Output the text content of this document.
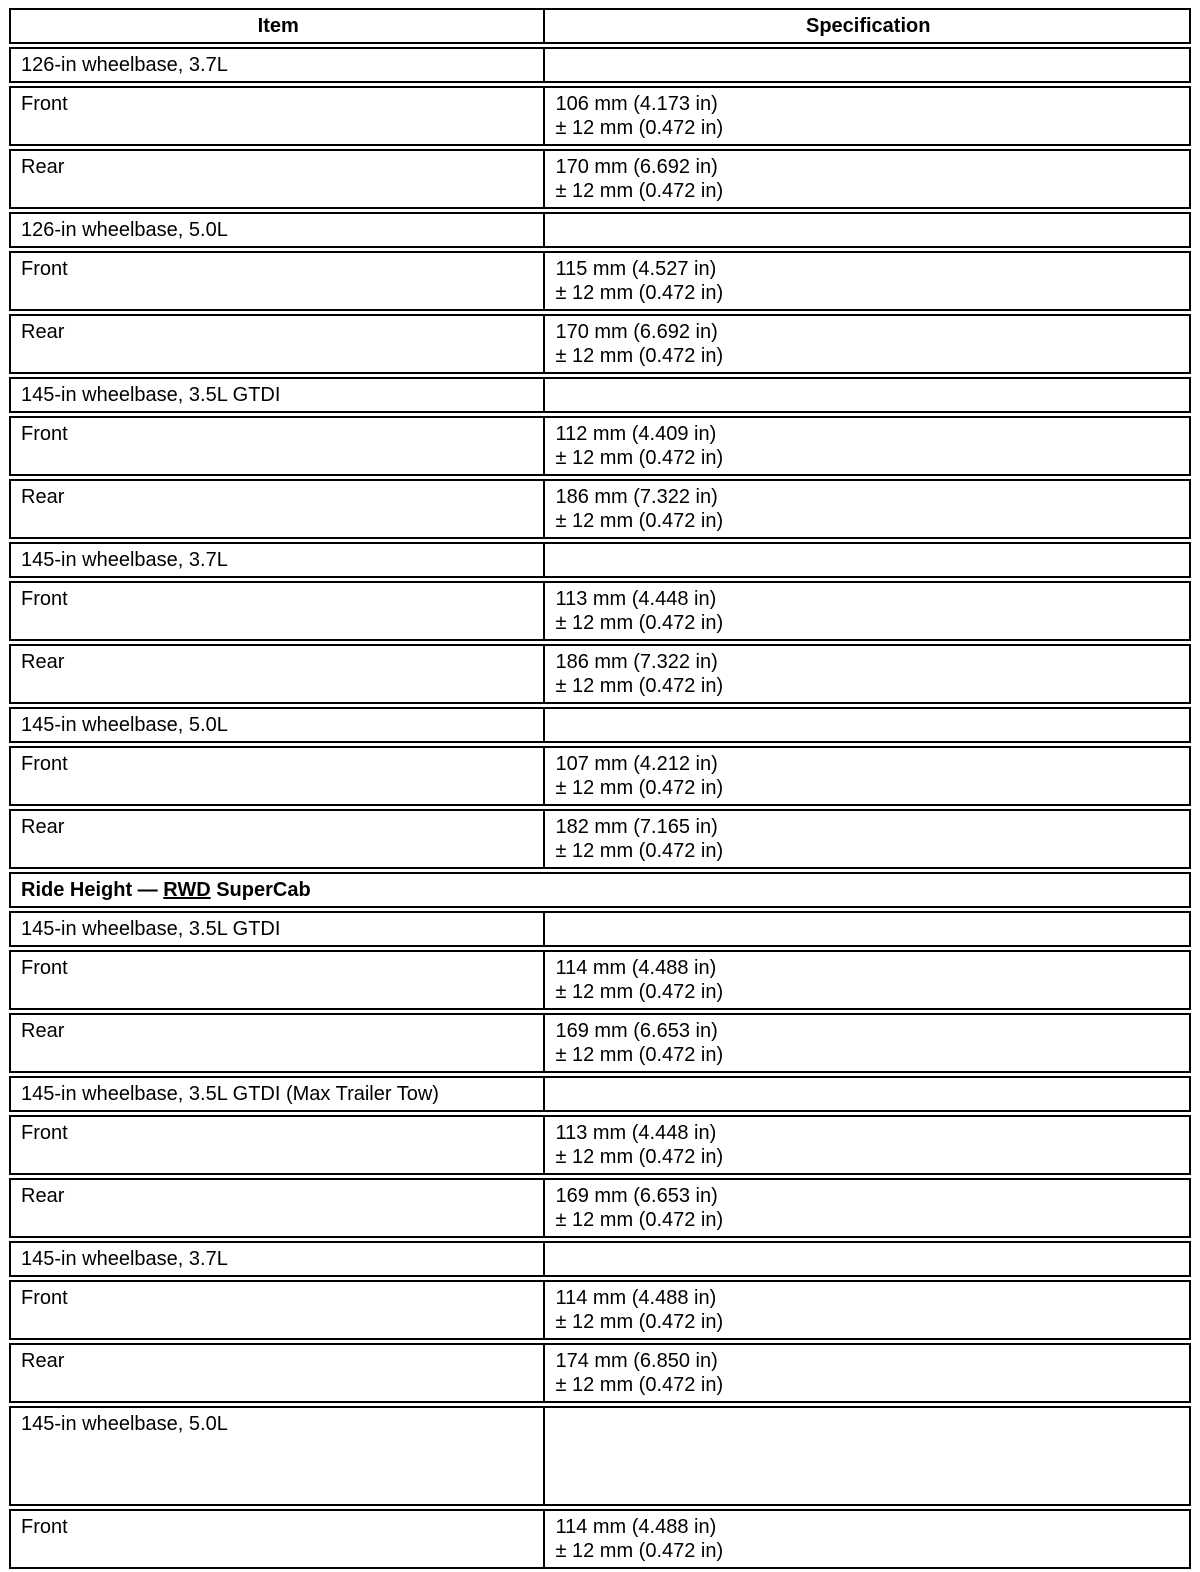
Item	Specification
126-in wheelbase, 3.7L
Front	106 mm (4.173 in)
± 12 mm (0.472 in)
Rear	170 mm (6.692 in)
± 12 mm (0.472 in)
126-in wheelbase, 5.0L
Front	115 mm (4.527 in)
± 12 mm (0.472 in)
Rear	170 mm (6.692 in)
± 12 mm (0.472 in)
145-in wheelbase, 3.5L GTDI
Front	112 mm (4.409 in)
± 12 mm (0.472 in)
Rear	186 mm (7.322 in)
± 12 mm (0.472 in)
145-in wheelbase, 3.7L
Front	113 mm (4.448 in)
± 12 mm (0.472 in)
Rear	186 mm (7.322 in)
± 12 mm (0.472 in)
145-in wheelbase, 5.0L
Front	107 mm (4.212 in)
± 12 mm (0.472 in)
Rear	182 mm (7.165 in)
± 12 mm (0.472 in)
Ride Height — RWD SuperCab
145-in wheelbase, 3.5L GTDI
Front	114 mm (4.488 in)
± 12 mm (0.472 in)
Rear	169 mm (6.653 in)
± 12 mm (0.472 in)
145-in wheelbase, 3.5L GTDI (Max Trailer Tow)
Front	113 mm (4.448 in)
± 12 mm (0.472 in)
Rear	169 mm (6.653 in)
± 12 mm (0.472 in)
145-in wheelbase, 3.7L
Front	114 mm (4.488 in)
± 12 mm (0.472 in)
Rear	174 mm (6.850 in)
± 12 mm (0.472 in)
145-in wheelbase, 5.0L
Front	114 mm (4.488 in)
± 12 mm (0.472 in)
